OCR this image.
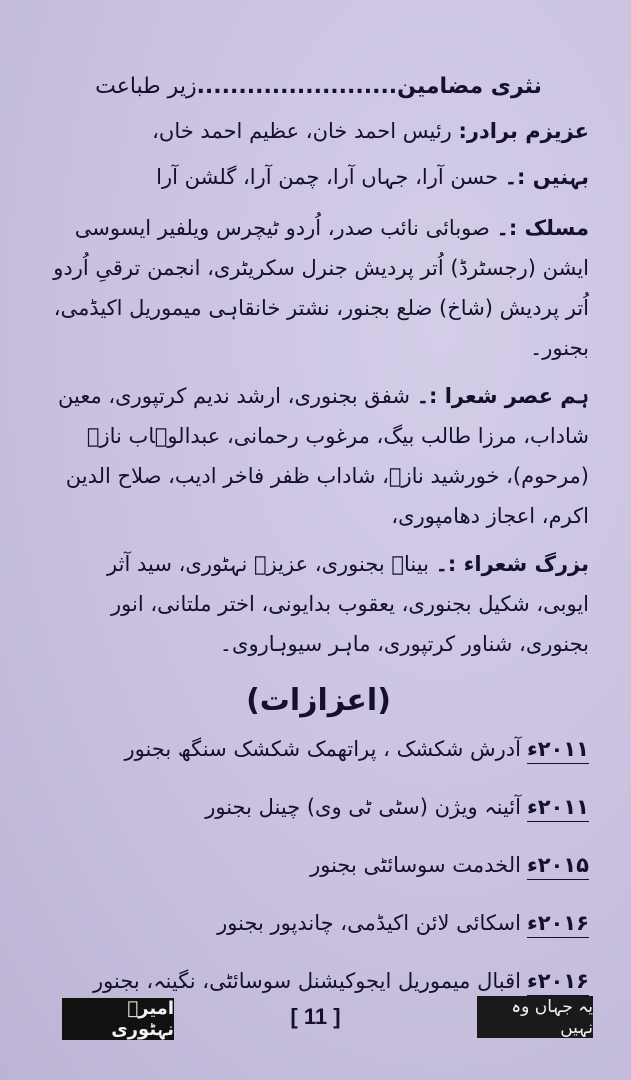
نثری مضامین........................زیر طباعت
عزیزم برادر: رئیس احمد خان، عظیم احمد خاں،
بہنیں :۔ حسن آرا، جہاں آرا، چمن آرا، گلشن آرا
مسلک :۔ صوبائی نائب صدر، اُردو ٹیچرس ویلفیر ایسوسی ایشن (رجسٹرڈ) اُتر پردیش جنرل سکریٹری، انجمن ترقیِ اُردو اُتر پردیش (شاخ) ضلع بجنور، نشتر خانقاہی میموریل اکیڈمی، بجنور۔
ہم عصر شعرا :۔ شفق بجنوری، ارشد ندیم کرتپوری، معین شاداب، مرزا طالب بیگ، مرغوب رحمانی، عبدالوہاب نازؔ (مرحوم)، خورشید نازؔ، شاداب ظفر فاخر ادیب، صلاح الدین اکرم، اعجاز دھامپوری،
بزرگ شعراء :۔ بیناؔ بجنوری، عزیزؔ نہٹوری، سید آثر ایوبی، شکیل بجنوری، یعقوب بدایونی، اختر ملتانی، انور بجنوری، شناور کرتپوری، ماہر سیوہاروی۔
(اعزازات)
۲۰۱۱ءآدرش شکشک ، پراتھمک شکشک سنگھ بجنور
۲۰۱۱ءآئینہ ویژن (سٹی ٹی وی) چینل بجنور
۲۰۱۵ءالخدمت سوسائٹی بجنور
۲۰۱۶ءاسکائی لائن اکیڈمی، چاندپور بجنور
۲۰۱۶ءاقبال میموریل ایجوکیشنل سوسائٹی، نگینہ، بجنور
امیرؔ نہٹوری
[ 11 ]	یہ جہاں وہ نہیں
